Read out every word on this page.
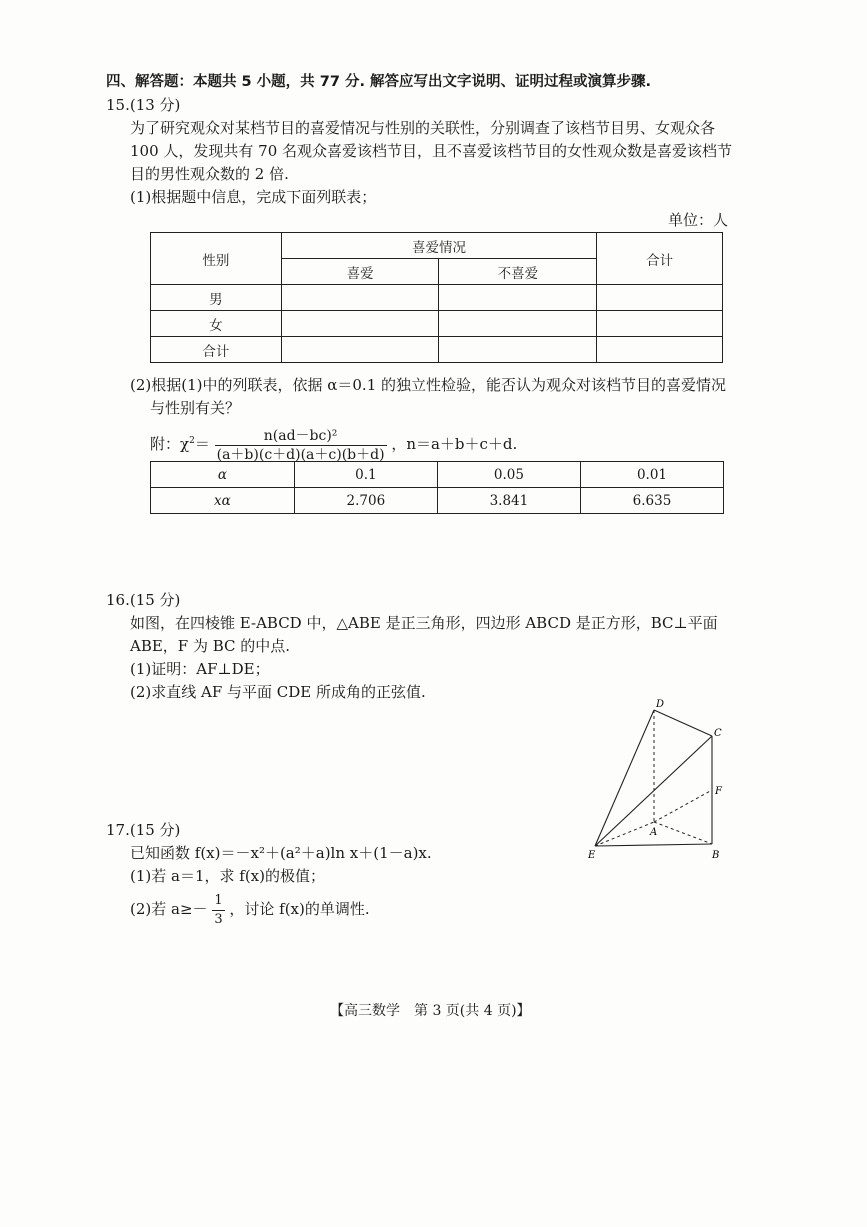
四、解答题：本题共 5 小题，共 77 分. 解答应写出文字说明、证明过程或演算步骤.
15.(13 分)
为了研究观众对某档节目的喜爱情况与性别的关联性，分别调查了该档节目男、女观众各
100 人，发现共有 70 名观众喜爱该档节目，且不喜爱该档节目的女性观众数是喜爱该档节
目的男性观众数的 2 倍.
(1)根据题中信息，完成下面列联表；
单位：人
性别	喜爱情况		合计
	喜爱	不喜爱	
男			
女			
合计			
(2)根据(1)中的列联表，依据 α＝0.1 的独立性检验，能否认为观众对该档节目的喜爱情况
与性别有关？
附：$\chi^2= \frac{\text{n(ad－bc)²}}{(a+b)(c+d)(a+c)(b+d)}$ ，n＝a＋b＋c＋d.
α	0.1	0.05	0.01
xα	2.706	3.841	6.635
16.(15 分)
如图，在四棱锥 E-ABCD 中，△ABE 是正三角形，四边形 ABCD 是正方形，BC⊥平面
ABE，F 为 BC 的中点.
(1)证明：AF⊥DE；
(2)求直线 AF 与平面 CDE 所成角的正弦值.
D
C
F
A
E	B
17.(15 分)
已知函数 f(x)＝－x²＋(a²＋a)ln x＋(1－a)x.
(1)若 a＝1，求 f(x)的极值；
(2)若 $a\ge- \frac{1}{3}$ ，讨论 f(x)的单调性.
【高三数学　第 3 页(共 4 页)】
